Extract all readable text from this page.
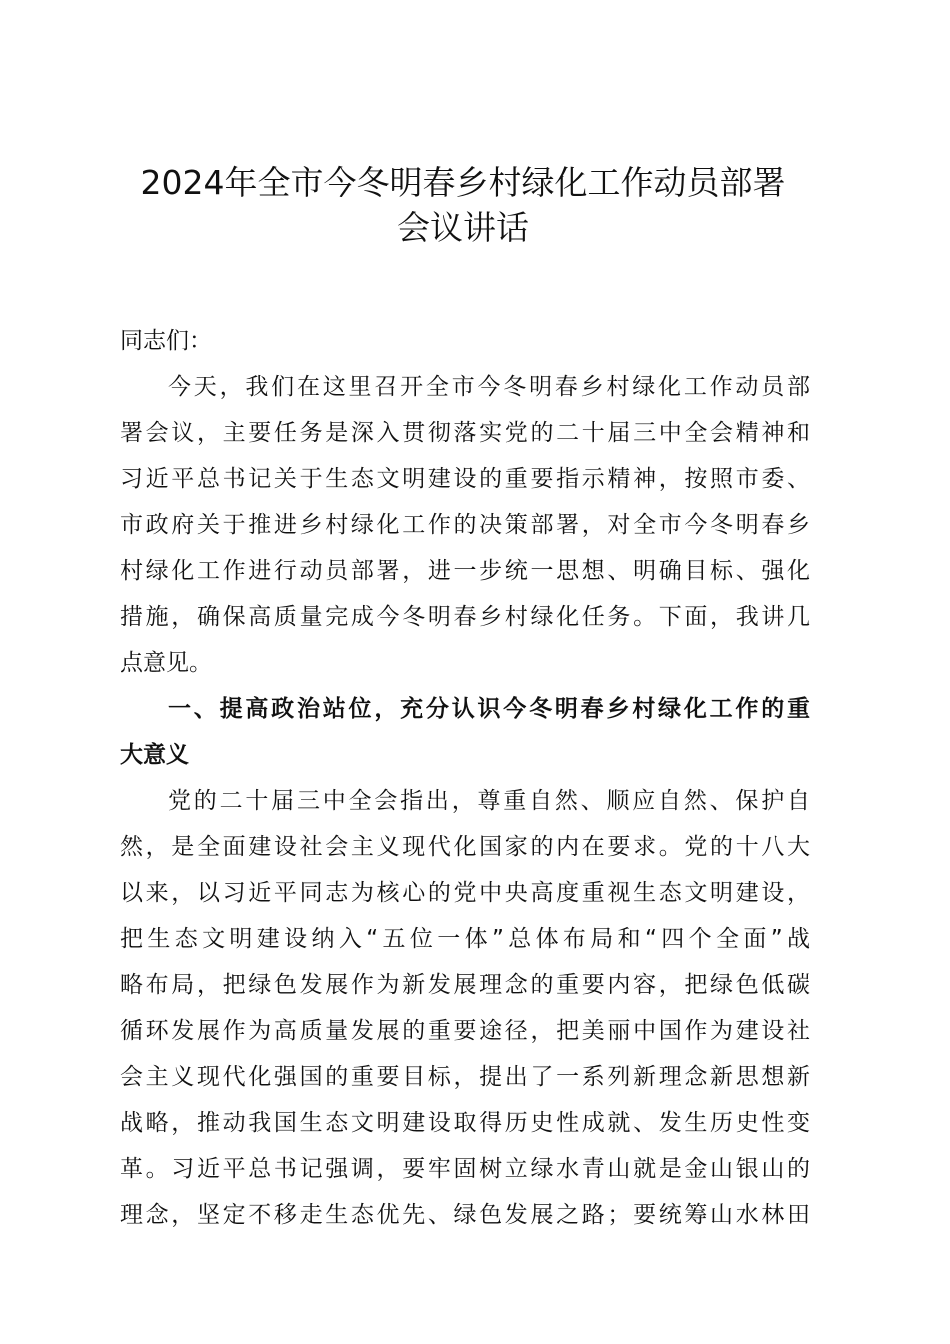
2024年全市今冬明春乡村绿化工作动员部署
会议讲话
同志们：
今天，我们在这里召开全市今冬明春乡村绿化工作动员部
署会议，主要任务是深入贯彻落实党的二十届三中全会精神和
习近平总书记关于生态文明建设的重要指示精神，按照市委、
市政府关于推进乡村绿化工作的决策部署，对全市今冬明春乡
村绿化工作进行动员部署，进一步统一思想、明确目标、强化
措施，确保高质量完成今冬明春乡村绿化任务。下面，我讲几
点意见。
一、提高政治站位，充分认识今冬明春乡村绿化工作的重
大意义
党的二十届三中全会指出，尊重自然、顺应自然、保护自
然，是全面建设社会主义现代化国家的内在要求。党的十八大
以来，以习近平同志为核心的党中央高度重视生态文明建设，
把生态文明建设纳入“五位一体”总体布局和“四个全面”战
略布局，把绿色发展作为新发展理念的重要内容，把绿色低碳
循环发展作为高质量发展的重要途径，把美丽中国作为建设社
会主义现代化强国的重要目标，提出了一系列新理念新思想新
战略，推动我国生态文明建设取得历史性成就、发生历史性变
革。习近平总书记强调，要牢固树立绿水青山就是金山银山的
理念，坚定不移走生态优先、绿色发展之路；要统筹山水林田
